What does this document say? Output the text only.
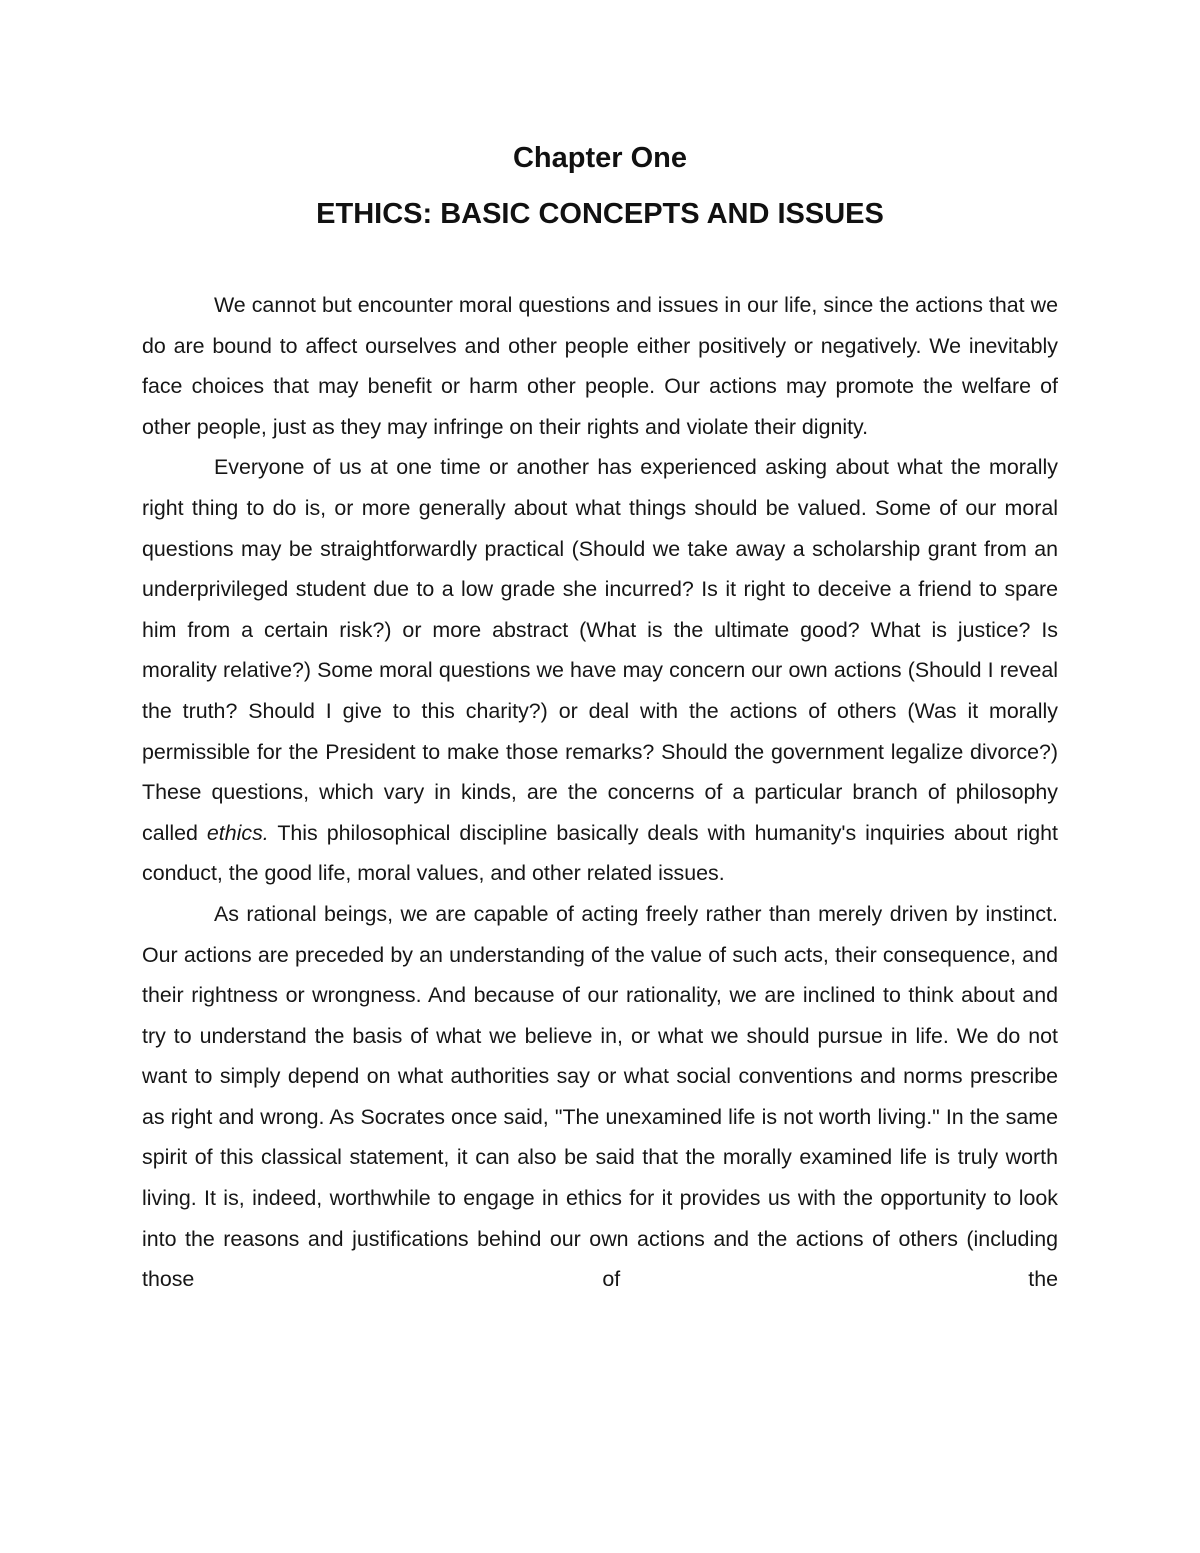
Chapter One
ETHICS: BASIC CONCEPTS AND ISSUES

We cannot but encounter moral questions and issues in our life, since the actions that we do are bound to affect ourselves and other people either positively or negatively. We inevitably face choices that may benefit or harm other people. Our actions may promote the welfare of other people, just as they may infringe on their rights and violate their dignity.

Everyone of us at one time or another has experienced asking about what the morally right thing to do is, or more generally about what things should be valued. Some of our moral questions may be straightforwardly practical (Should we take away a scholarship grant from an underprivileged student due to a low grade she incurred? Is it right to deceive a friend to spare him from a certain risk?) or more abstract (What is the ultimate good? What is justice? Is morality relative?) Some moral questions we have may concern our own actions (Should I reveal the truth? Should I give to this charity?) or deal with the actions of others (Was it morally permissible for the President to make those remarks? Should the government legalize divorce?) These questions, which vary in kinds, are the concerns of a particular branch of philosophy called ethics. This philosophical discipline basically deals with humanity's inquiries about right conduct, the good life, moral values, and other related issues.

As rational beings, we are capable of acting freely rather than merely driven by instinct. Our actions are preceded by an understanding of the value of such acts, their consequence, and their rightness or wrongness. And because of our rationality, we are inclined to think about and try to understand the basis of what we believe in, or what we should pursue in life. We do not want to simply depend on what authorities say or what social conventions and norms prescribe as right and wrong. As Socrates once said, "The unexamined life is not worth living." In the same spirit of this classical statement, it can also be said that the morally examined life is truly worth living. It is, indeed, worthwhile to engage in ethics for it provides us with the opportunity to look into the reasons and justifications behind our own actions and the actions of others (including those of the
